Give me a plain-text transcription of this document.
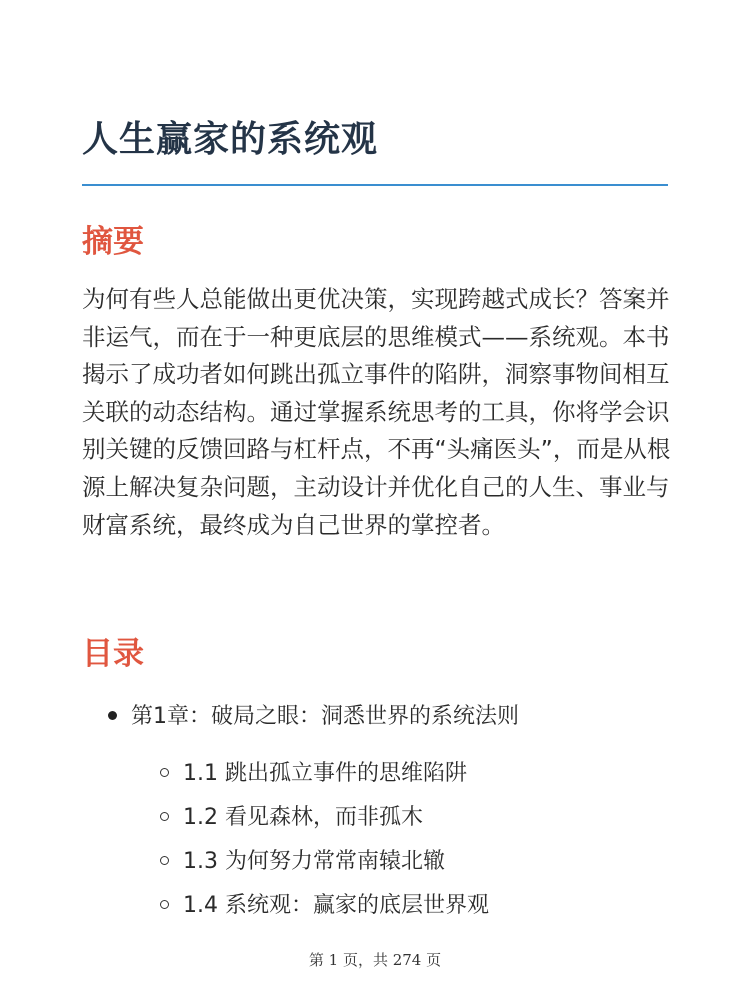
人生赢家的系统观
摘要

为何有些人总能做出更优决策，实现跨越式成长？答案并非运气，而在于一种更底层的思维模式——系统观。本书揭示了成功者如何跳出孤立事件的陷阱，洞察事物间相互关联的动态结构。通过掌握系统思考的工具，你将学会识别关键的反馈回路与杠杆点，不再“头痛医头”，而是从根源上解决复杂问题，主动设计并优化自己的人生、事业与财富系统，最终成为自己世界的掌控者。

目录
第1章：破局之眼：洞悉世界的系统法则
1.1 跳出孤立事件的思维陷阱
1.2 看见森林，而非孤木
1.3 为何努力常常南辕北辙
1.4 系统观：赢家的底层世界观
第 1 页，共 274 页
